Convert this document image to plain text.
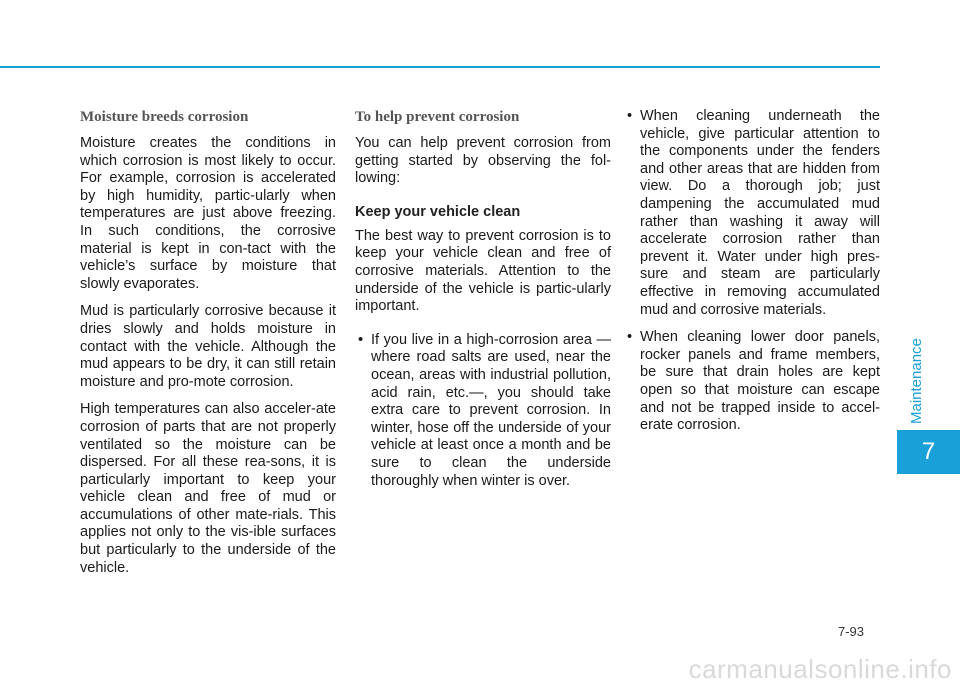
Moisture breeds corrosion

Moisture creates the conditions in which corrosion is most likely to occur. For example, corrosion is accelerated by high humidity, partic-ularly when temperatures are just above freezing. In such conditions, the corrosive material is kept in con-tact with the vehicle’s surface by moisture that slowly evaporates.

Mud is particularly corrosive because it dries slowly and holds moisture in contact with the vehicle. Although the mud appears to be dry, it can still retain moisture and pro-mote corrosion.

High temperatures can also acceler-ate corrosion of parts that are not properly ventilated so the moisture can be dispersed. For all these rea-sons, it is particularly important to keep your vehicle clean and free of mud or accumulations of other mate-rials. This applies not only to the vis-ible surfaces but particularly to the underside of the vehicle.

To help prevent corrosion

You can help prevent corrosion from getting started by observing the fol-lowing:

Keep your vehicle clean

The best way to prevent corrosion is to keep your vehicle clean and free of corrosive materials. Attention to the underside of the vehicle is partic-ularly important.

• If you live in a high-corrosion area — where road salts are used, near the ocean, areas with industrial pollution, acid rain, etc.—, you should take extra care to prevent corrosion. In winter, hose off the underside of your vehicle at least once a month and be sure to clean the underside thoroughly when winter is over.
• When cleaning underneath the vehicle, give particular attention to the components under the fenders and other areas that are hidden from view. Do a thorough job; just dampening the accumulated mud rather than washing it away will accelerate corrosion rather than prevent it. Water under high pres-sure and steam are particularly effective in removing accumulated mud and corrosive materials.
• When cleaning lower door panels, rocker panels and frame members, be sure that drain holes are kept open so that moisture can escape and not be trapped inside to accel-erate corrosion.
Maintenance
7
7-93
carmanualsonline.info
